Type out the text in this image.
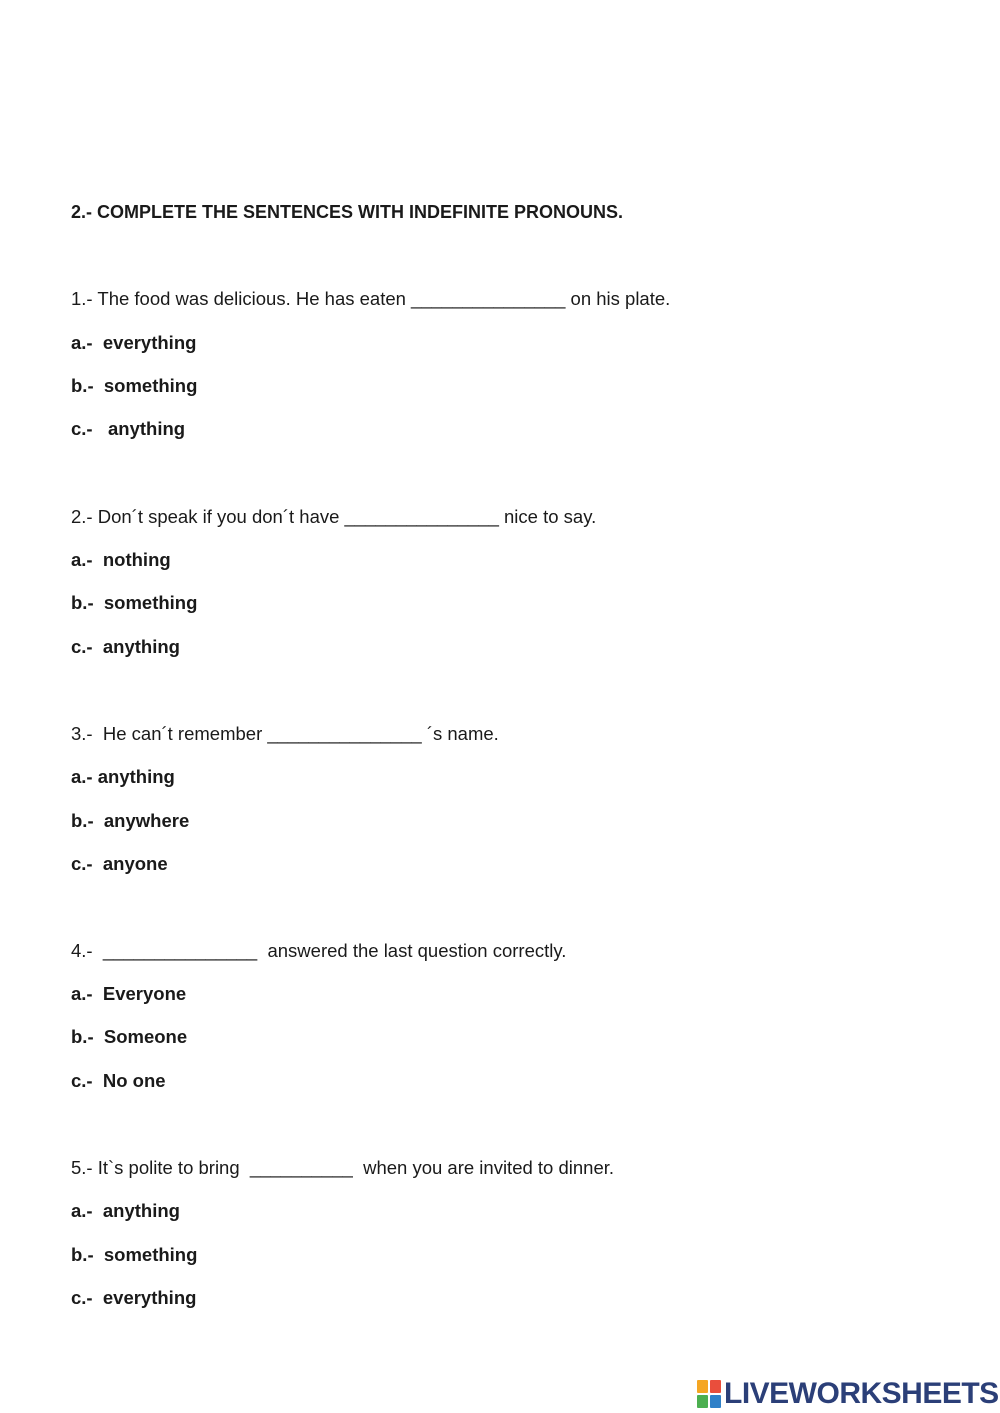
2.- COMPLETE THE SENTENCES WITH INDEFINITE PRONOUNS.
1.- The food was delicious. He has eaten _______________ on his plate.
a.-  everything
b.-  something
c.-   anything
2.- Don´t speak if you don´t have _______________ nice to say.
a.-  nothing
b.-  something
c.-  anything
3.-  He can´t remember _______________ ´s name.
a.- anything
b.-  anywhere
c.-  anyone
4.-  _______________  answered the last question correctly.
a.-  Everyone
b.-  Someone
c.-  No one
5.- It`s polite to bring  __________  when you are invited to dinner.
a.-  anything
b.-  something
c.-  everything
LIVEWORKSHEETS
